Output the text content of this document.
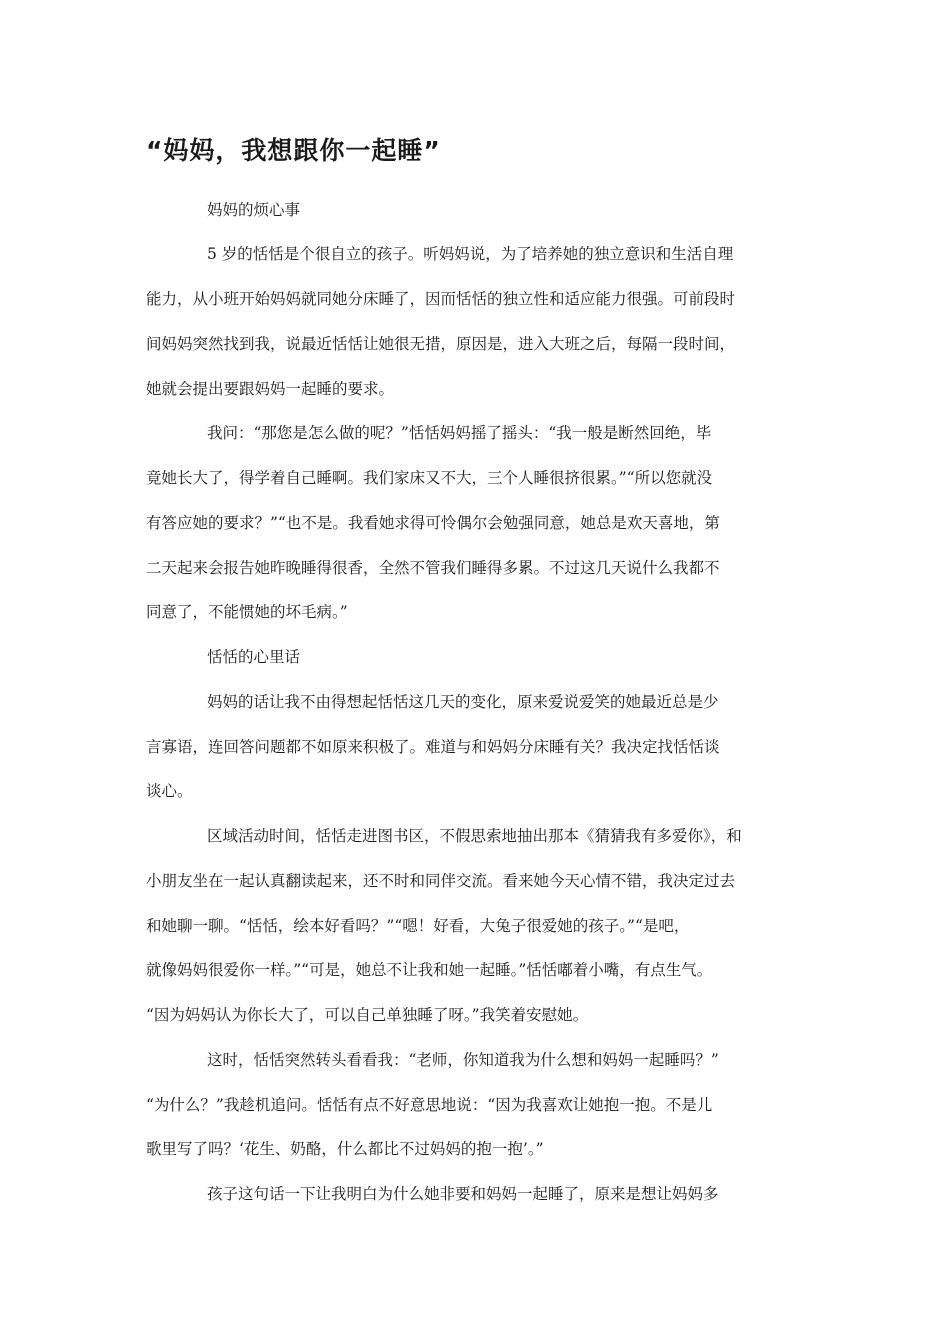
“妈妈，我想跟你一起睡”

妈妈的烦心事

5 岁的恬恬是个很自立的孩子。听妈妈说，为了培养她的独立意识和生活自理

能力，从小班开始妈妈就同她分床睡了，因而恬恬的独立性和适应能力很强。可前段时

间妈妈突然找到我，说最近恬恬让她很无措，原因是，进入大班之后，每隔一段时间，

她就会提出要跟妈妈一起睡的要求。

我问：“那您是怎么做的呢？”恬恬妈妈摇了摇头：“我一般是断然回绝，毕

竟她长大了，得学着自己睡啊。我们家床又不大，三个人睡很挤很累。”“所以您就没

有答应她的要求？”“也不是。我看她求得可怜偶尔会勉强同意，她总是欢天喜地，第

二天起来会报告她昨晚睡得很香，全然不管我们睡得多累。不过这几天说什么我都不

同意了，不能惯她的坏毛病。”

恬恬的心里话

妈妈的话让我不由得想起恬恬这几天的变化，原来爱说爱笑的她最近总是少

言寡语，连回答问题都不如原来积极了。难道与和妈妈分床睡有关？我决定找恬恬谈

谈心。

区域活动时间，恬恬走进图书区，不假思索地抽出那本《猜猜我有多爱你》，和

小朋友坐在一起认真翻读起来，还不时和同伴交流。看来她今天心情不错，我决定过去

和她聊一聊。“恬恬，绘本好看吗？”“嗯！好看，大兔子很爱她的孩子。”“是吧，

就像妈妈很爱你一样。”“可是，她总不让我和她一起睡。”恬恬嘟着小嘴，有点生气。

“因为妈妈认为你长大了，可以自己单独睡了呀。”我笑着安慰她。

这时，恬恬突然转头看看我：“老师，你知道我为什么想和妈妈一起睡吗？”

“为什么？”我趁机追问。恬恬有点不好意思地说：“因为我喜欢让她抱一抱。不是儿

歌里写了吗？‘花生、奶酪，什么都比不过妈妈的抱一抱’。”

孩子这句话一下让我明白为什么她非要和妈妈一起睡了，原来是想让妈妈多
